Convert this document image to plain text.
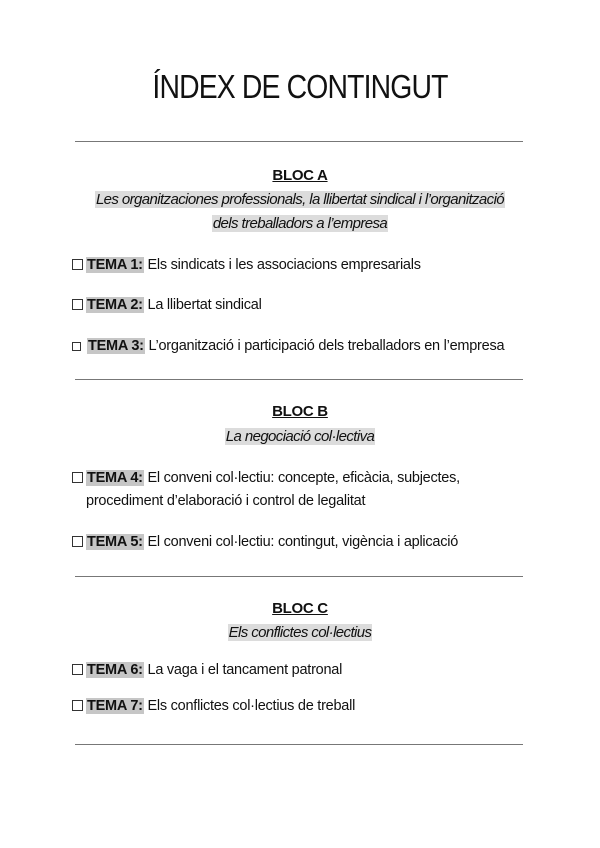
ÍNDEX DE CONTINGUT
BLOC A
Les organitzaciones professionals, la llibertat sindical i l’organització
dels treballadors a l’empresa
TEMA 1: Els sindicats i les associacions empresarials
TEMA 2: La llibertat sindical
TEMA 3: L’organització i participació dels treballadors en l’empresa
BLOC B
La negociació col·lectiva
TEMA 4: El conveni col·lectiu: concepte, eficàcia, subjectes,
procediment d’elaboració i control de legalitat
TEMA 5: El conveni col·lectiu: contingut, vigència i aplicació
BLOC C
Els conflictes col·lectius
TEMA 6: La vaga i el tancament patronal
TEMA 7: Els conflictes col·lectius de treball
